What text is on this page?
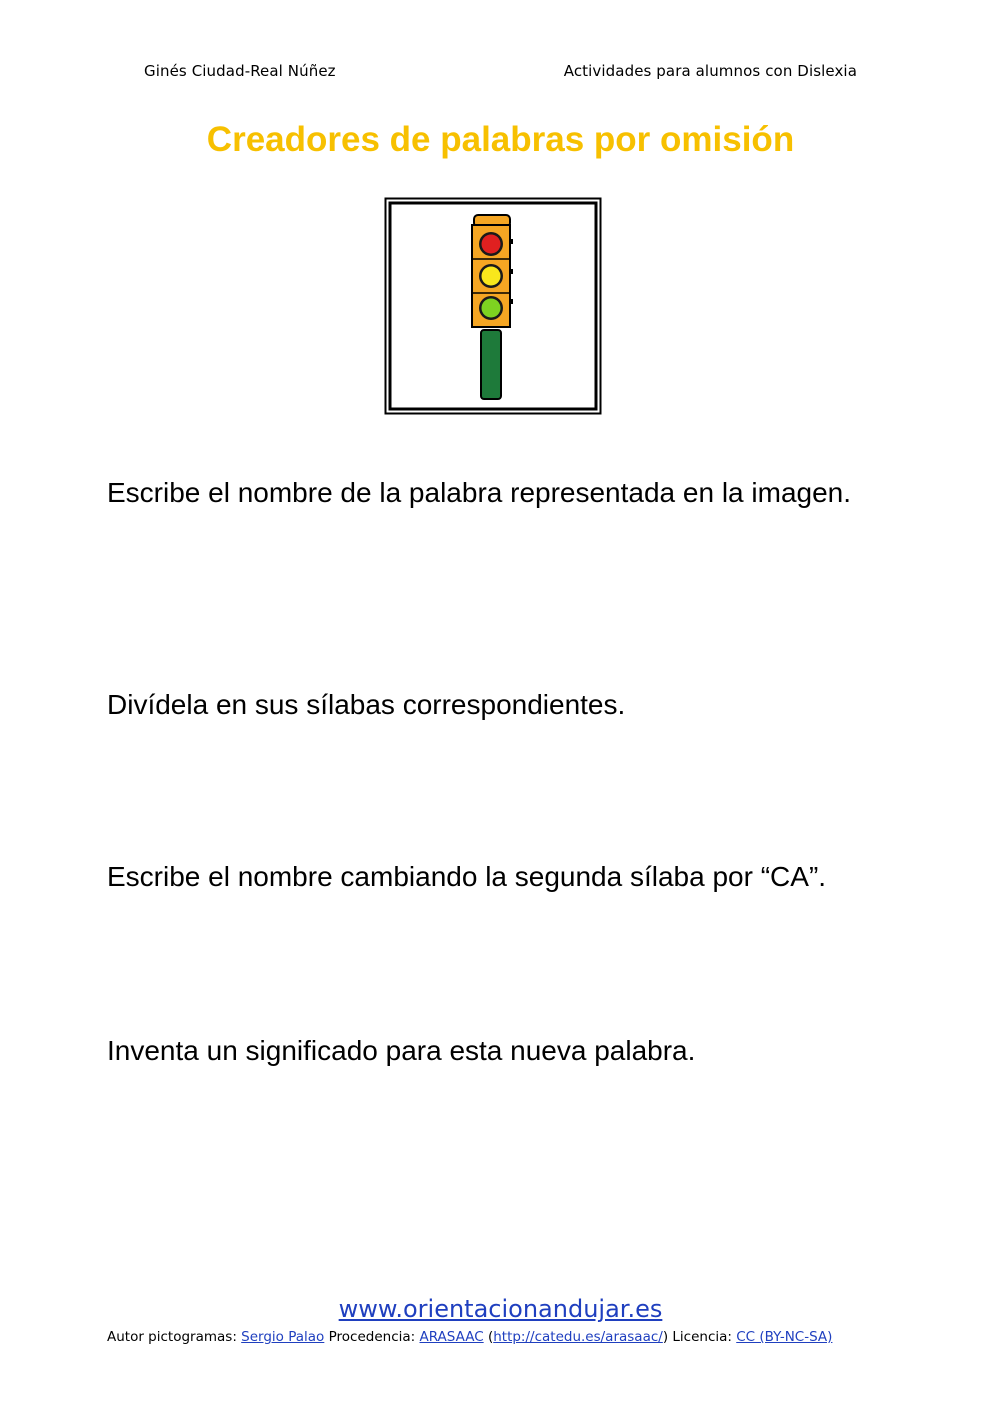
Ginés Ciudad-Real Núñez	Actividades para alumnos con Dislexia
Creadores de palabras por omisión
Escribe el nombre de la palabra representada en la imagen.
Divídela en sus sílabas correspondientes.
Escribe el nombre cambiando la segunda sílaba por “CA”.
Inventa un significado para esta nueva palabra.
www.orientacionandujar.es
Autor pictogramas: Sergio Palao Procedencia: ARASAAC (http://catedu.es/arasaac/) Licencia: CC (BY-NC-SA)
